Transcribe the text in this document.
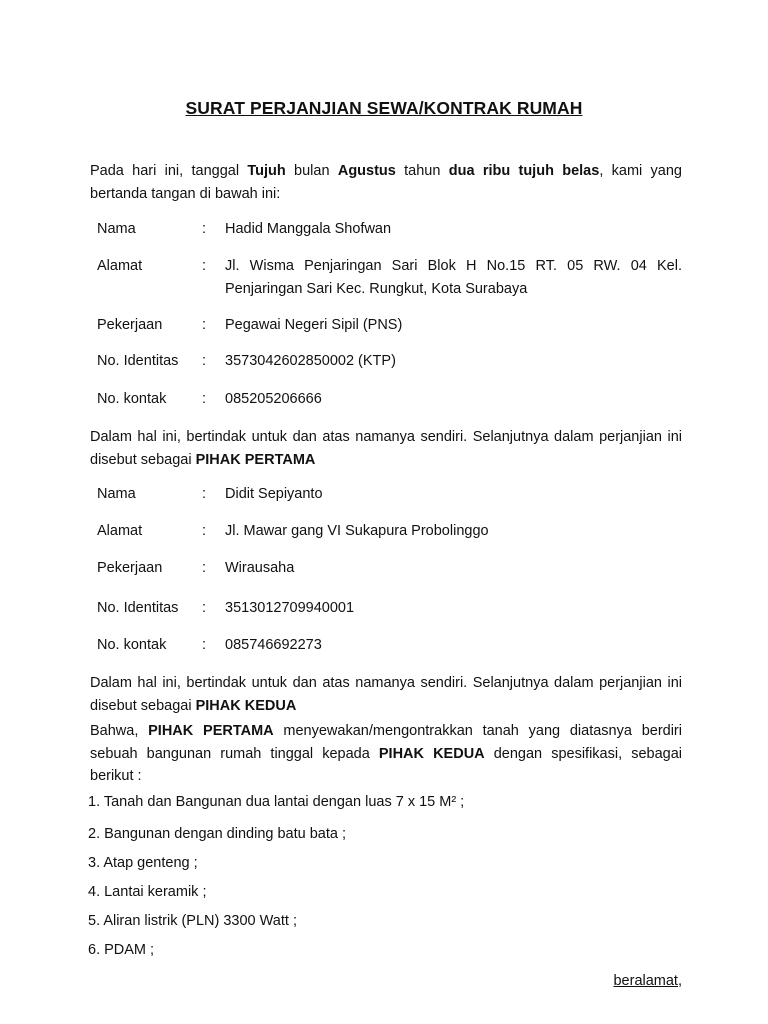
SURAT PERJANJIAN SEWA/KONTRAK RUMAH
Pada hari ini, tanggal Tujuh bulan Agustus tahun dua ribu tujuh belas, kami yang bertanda tangan di bawah ini:
Nama	: Hadid Manggala Shofwan
Alamat	: Jl. Wisma Penjaringan Sari Blok H No.15 RT. 05 RW. 04 Kel. Penjaringan Sari Kec. Rungkut, Kota Surabaya
Pekerjaan	: Pegawai Negeri Sipil (PNS)
No. Identitas : 3573042602850002 (KTP)
No. kontak : 085205206666
Dalam hal ini, bertindak untuk dan atas namanya sendiri. Selanjutnya dalam perjanjian ini disebut sebagai PIHAK PERTAMA
Nama	: Didit Sepiyanto
Alamat	: Jl. Mawar gang VI Sukapura Probolinggo
Pekerjaan	: Wirausaha
No. Identitas : 3513012709940001
No. kontak : 085746692273
Dalam hal ini, bertindak untuk dan atas namanya sendiri. Selanjutnya dalam perjanjian ini disebut sebagai PIHAK KEDUA
Bahwa, PIHAK PERTAMA menyewakan/mengontrakkan tanah yang diatasnya berdiri sebuah bangunan rumah tinggal kepada PIHAK KEDUA dengan spesifikasi, sebagai berikut :
1. Tanah dan Bangunan dua lantai dengan luas 7 x 15 M² ;
2. Bangunan dengan dinding batu bata ;
3. Atap genteng ;
4. Lantai keramik ;
5. Aliran listrik (PLN) 3300 Watt ;
6. PDAM ;
beralamat,
